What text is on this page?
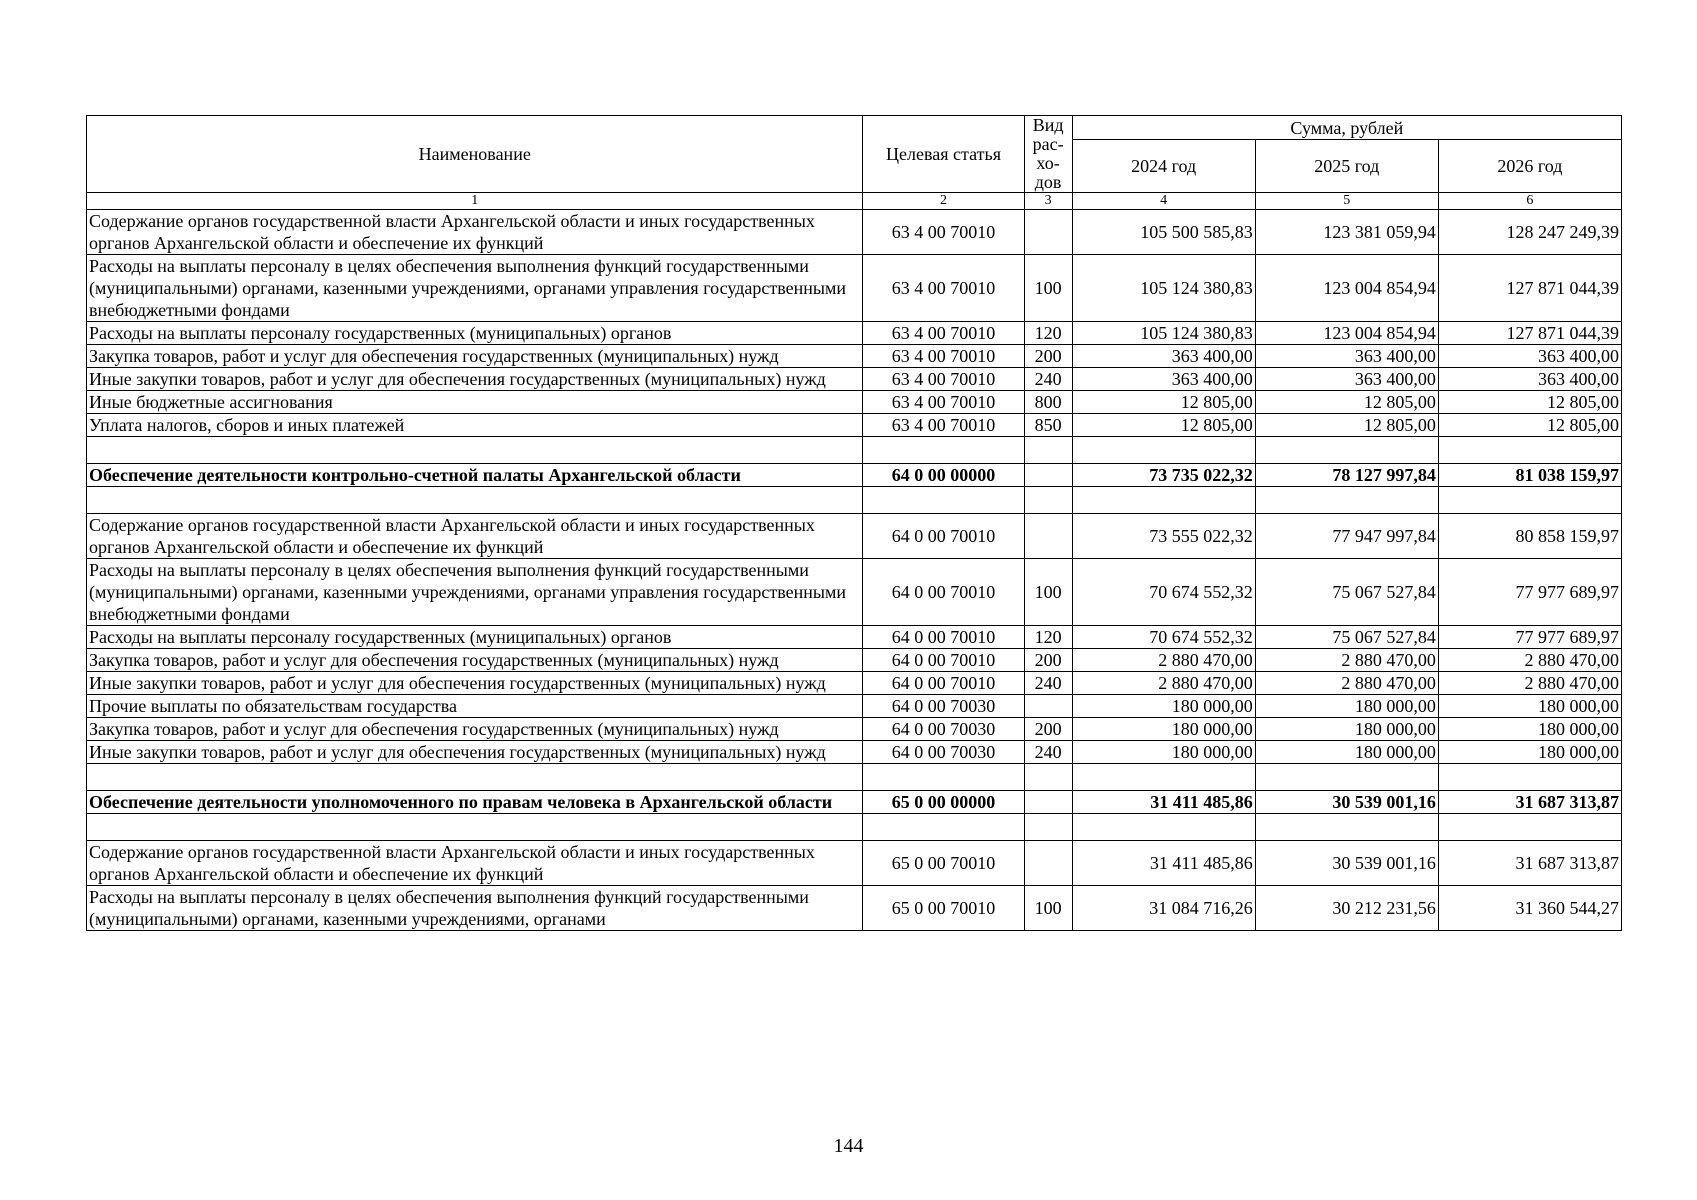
Наименование	Целевая статья	Вид рас-хо-дов	Сумма, рублей		
			2024 год	2025 год	2026 год
1	2	3	4	5	6
Содержание органов государственной власти Архангельской области и иных государственных органов Архангельской области и обеспечение их функций	63 4 00 70010		105 500 585,83	123 381 059,94	128 247 249,39
Расходы на выплаты персоналу в целях обеспечения выполнения функций государственными (муниципальными) органами, казенными учреждениями, органами управления государственными внебюджетными фондами	63 4 00 70010	100	105 124 380,83	123 004 854,94	127 871 044,39
Расходы на выплаты персоналу государственных (муниципальных) органов	63 4 00 70010	120	105 124 380,83	123 004 854,94	127 871 044,39
Закупка товаров, работ и услуг для обеспечения государственных (муниципальных) нужд	63 4 00 70010	200	363 400,00	363 400,00	363 400,00
Иные закупки товаров, работ и услуг для обеспечения государственных (муниципальных) нужд	63 4 00 70010	240	363 400,00	363 400,00	363 400,00
Иные бюджетные ассигнования	63 4 00 70010	800	12 805,00	12 805,00	12 805,00
Уплата налогов, сборов и иных платежей	63 4 00 70010	850	12 805,00	12 805,00	12 805,00

Обеспечение деятельности контрольно-счетной палаты Архангельской области	64 0 00 00000		73 735 022,32	78 127 997,84	81 038 159,97

Содержание органов государственной власти Архангельской области и иных государственных органов Архангельской области и обеспечение их функций	64 0 00 70010		73 555 022,32	77 947 997,84	80 858 159,97
Расходы на выплаты персоналу в целях обеспечения выполнения функций государственными (муниципальными) органами, казенными учреждениями, органами управления государственными внебюджетными фондами	64 0 00 70010	100	70 674 552,32	75 067 527,84	77 977 689,97
Расходы на выплаты персоналу государственных (муниципальных) органов	64 0 00 70010	120	70 674 552,32	75 067 527,84	77 977 689,97
Закупка товаров, работ и услуг для обеспечения государственных (муниципальных) нужд	64 0 00 70010	200	2 880 470,00	2 880 470,00	2 880 470,00
Иные закупки товаров, работ и услуг для обеспечения государственных (муниципальных) нужд	64 0 00 70010	240	2 880 470,00	2 880 470,00	2 880 470,00
Прочие выплаты по обязательствам государства	64 0 00 70030		180 000,00	180 000,00	180 000,00
Закупка товаров, работ и услуг для обеспечения государственных (муниципальных) нужд	64 0 00 70030	200	180 000,00	180 000,00	180 000,00
Иные закупки товаров, работ и услуг для обеспечения государственных (муниципальных) нужд	64 0 00 70030	240	180 000,00	180 000,00	180 000,00

Обеспечение деятельности уполномоченного по правам человека в Архангельской области	65 0 00 00000		31 411 485,86	30 539 001,16	31 687 313,87

Содержание органов государственной власти Архангельской области и иных государственных органов Архангельской области и обеспечение их функций	65 0 00 70010		31 411 485,86	30 539 001,16	31 687 313,87
Расходы на выплаты персоналу в целях обеспечения выполнения функций государственными (муниципальными) органами, казенными учреждениями, органами	65 0 00 70010	100	31 084 716,26	30 212 231,56	31 360 544,27
144
